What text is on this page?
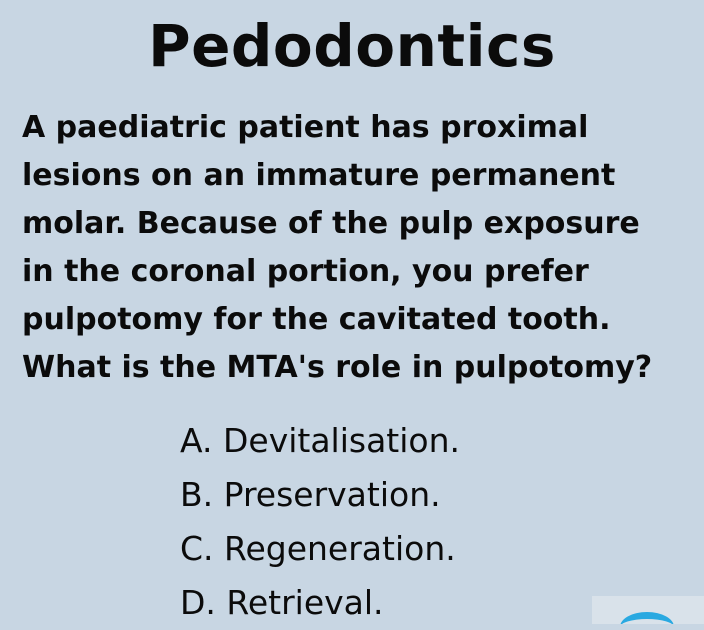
Pedodontics

A paediatric patient has proximal
lesions on an immature permanent
molar. Because of the pulp exposure
in the coronal portion, you prefer
pulpotomy for the cavitated tooth.
What is the MTA's role in pulpotomy?

A. Devitalisation.
B. Preservation.
C. Regeneration.
D. Retrieval.
